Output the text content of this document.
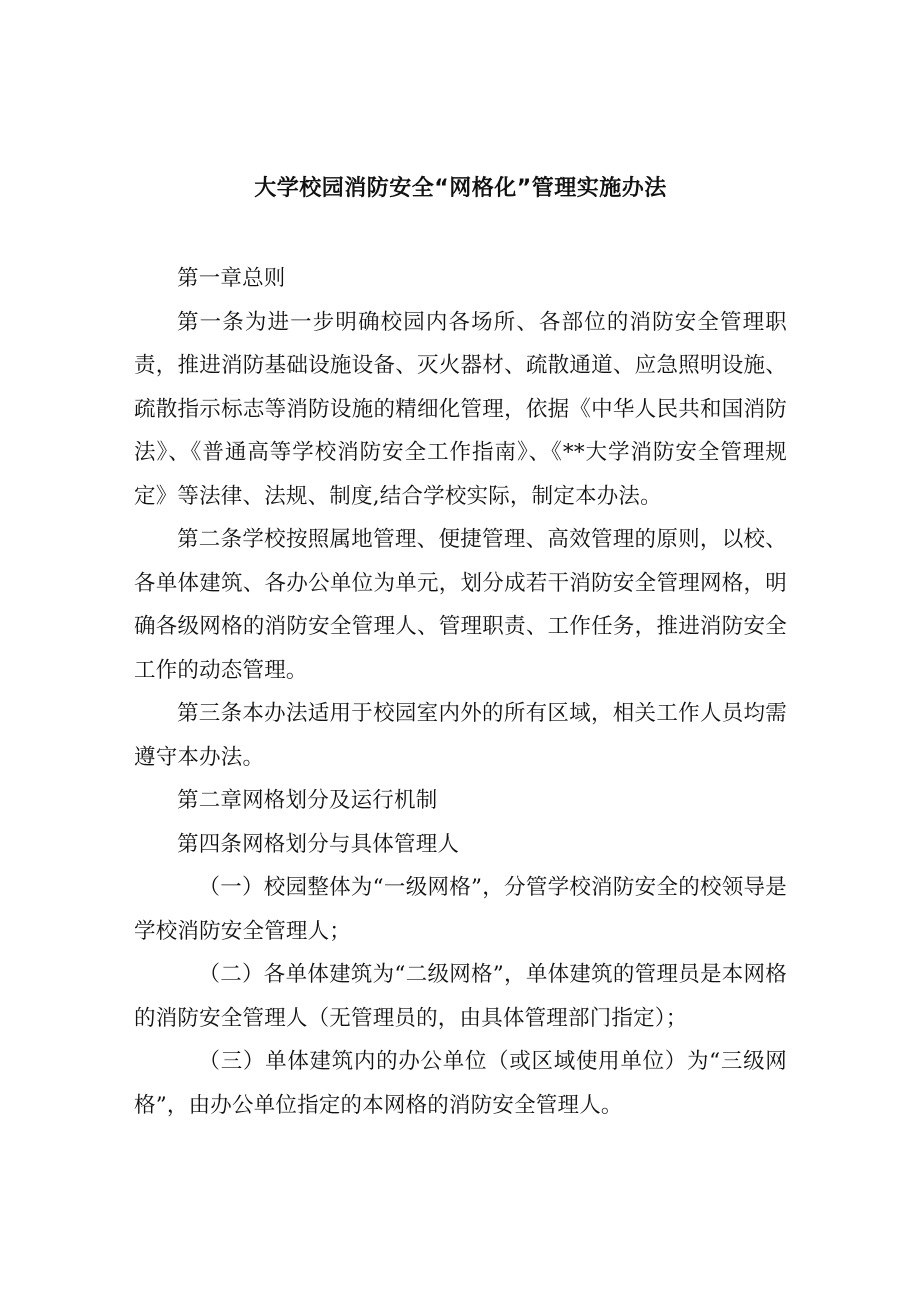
大学校园消防安全“网格化”管理实施办法

第一章总则

第一条为进一步明确校园内各场所、各部位的消防安全管理职责，推进消防基础设施设备、灭火器材、疏散通道、应急照明设施、疏散指示标志等消防设施的精细化管理，依据《中华人民共和国消防法》、《普通高等学校消防安全工作指南》、《**大学消防安全管理规定》等法律、法规、制度,结合学校实际，制定本办法。

第二条学校按照属地管理、便捷管理、高效管理的原则，以校、各单体建筑、各办公单位为单元，划分成若干消防安全管理网格，明确各级网格的消防安全管理人、管理职责、工作任务，推进消防安全工作的动态管理。

第三条本办法适用于校园室内外的所有区域，相关工作人员均需遵守本办法。

第二章网格划分及运行机制

第四条网格划分与具体管理人

（一）校园整体为“一级网格”，分管学校消防安全的校领导是学校消防安全管理人；

（二）各单体建筑为“二级网格”，单体建筑的管理员是本网格的消防安全管理人（无管理员的，由具体管理部门指定）；

（三）单体建筑内的办公单位（或区域使用单位）为“三级网格”，由办公单位指定的本网格的消防安全管理人。
